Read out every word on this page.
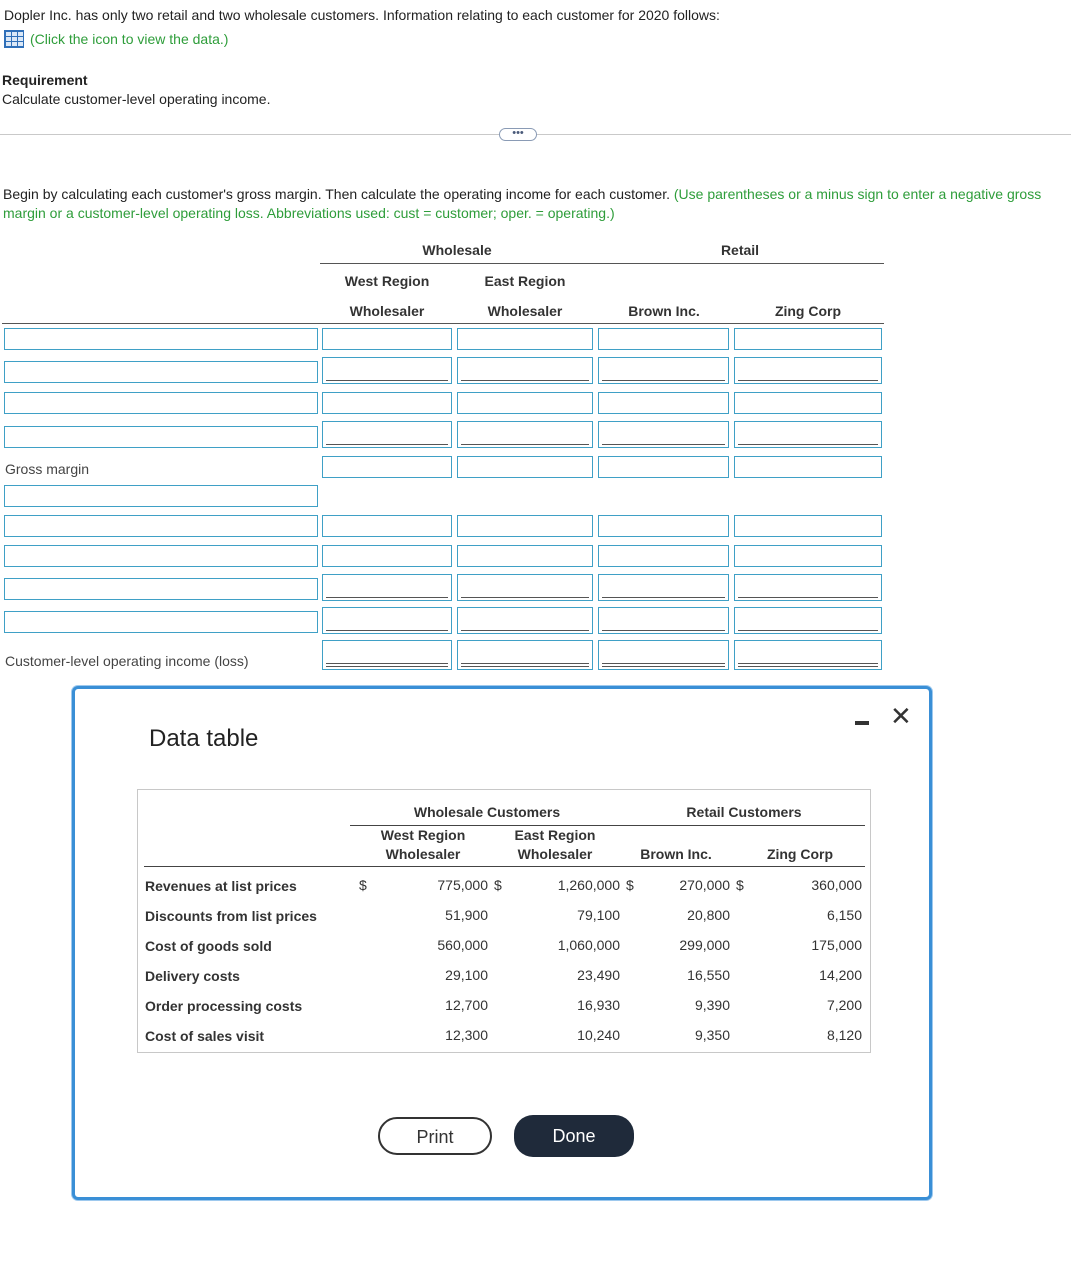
Dopler Inc. has only two retail and two wholesale customers. Information relating to each customer for 2020 follows:
(Click the icon to view the data.)
Requirement
Calculate customer-level operating income.
•••
Begin by calculating each customer's gross margin. Then calculate the operating income for each customer. (Use parentheses or a minus sign to enter a negative gross margin or a customer-level operating loss. Abbreviations used: cust = customer; oper. = operating.)
Wholesale	Retail
West Region	East Region
Wholesaler	Wholesaler	Brown Inc.	Zing Corp
Gross margin
Customer-level operating income (loss)
Data table
✕
Wholesale Customers	Retail Customers
West Region	East Region
Wholesaler	Wholesaler	Brown Inc.	Zing Corp
Revenues at list prices	$	775,000 $	1,260,000 $	270,000 $	360,000
Discounts from list prices	51,900	79,100	20,800	6,150
Cost of goods sold	560,000	1,060,000	299,000	175,000
Delivery costs	29,100	23,490	16,550	14,200
Order processing costs	12,700	16,930	9,390	7,200
Cost of sales visit	12,300	10,240	9,350	8,120
Print	Done
